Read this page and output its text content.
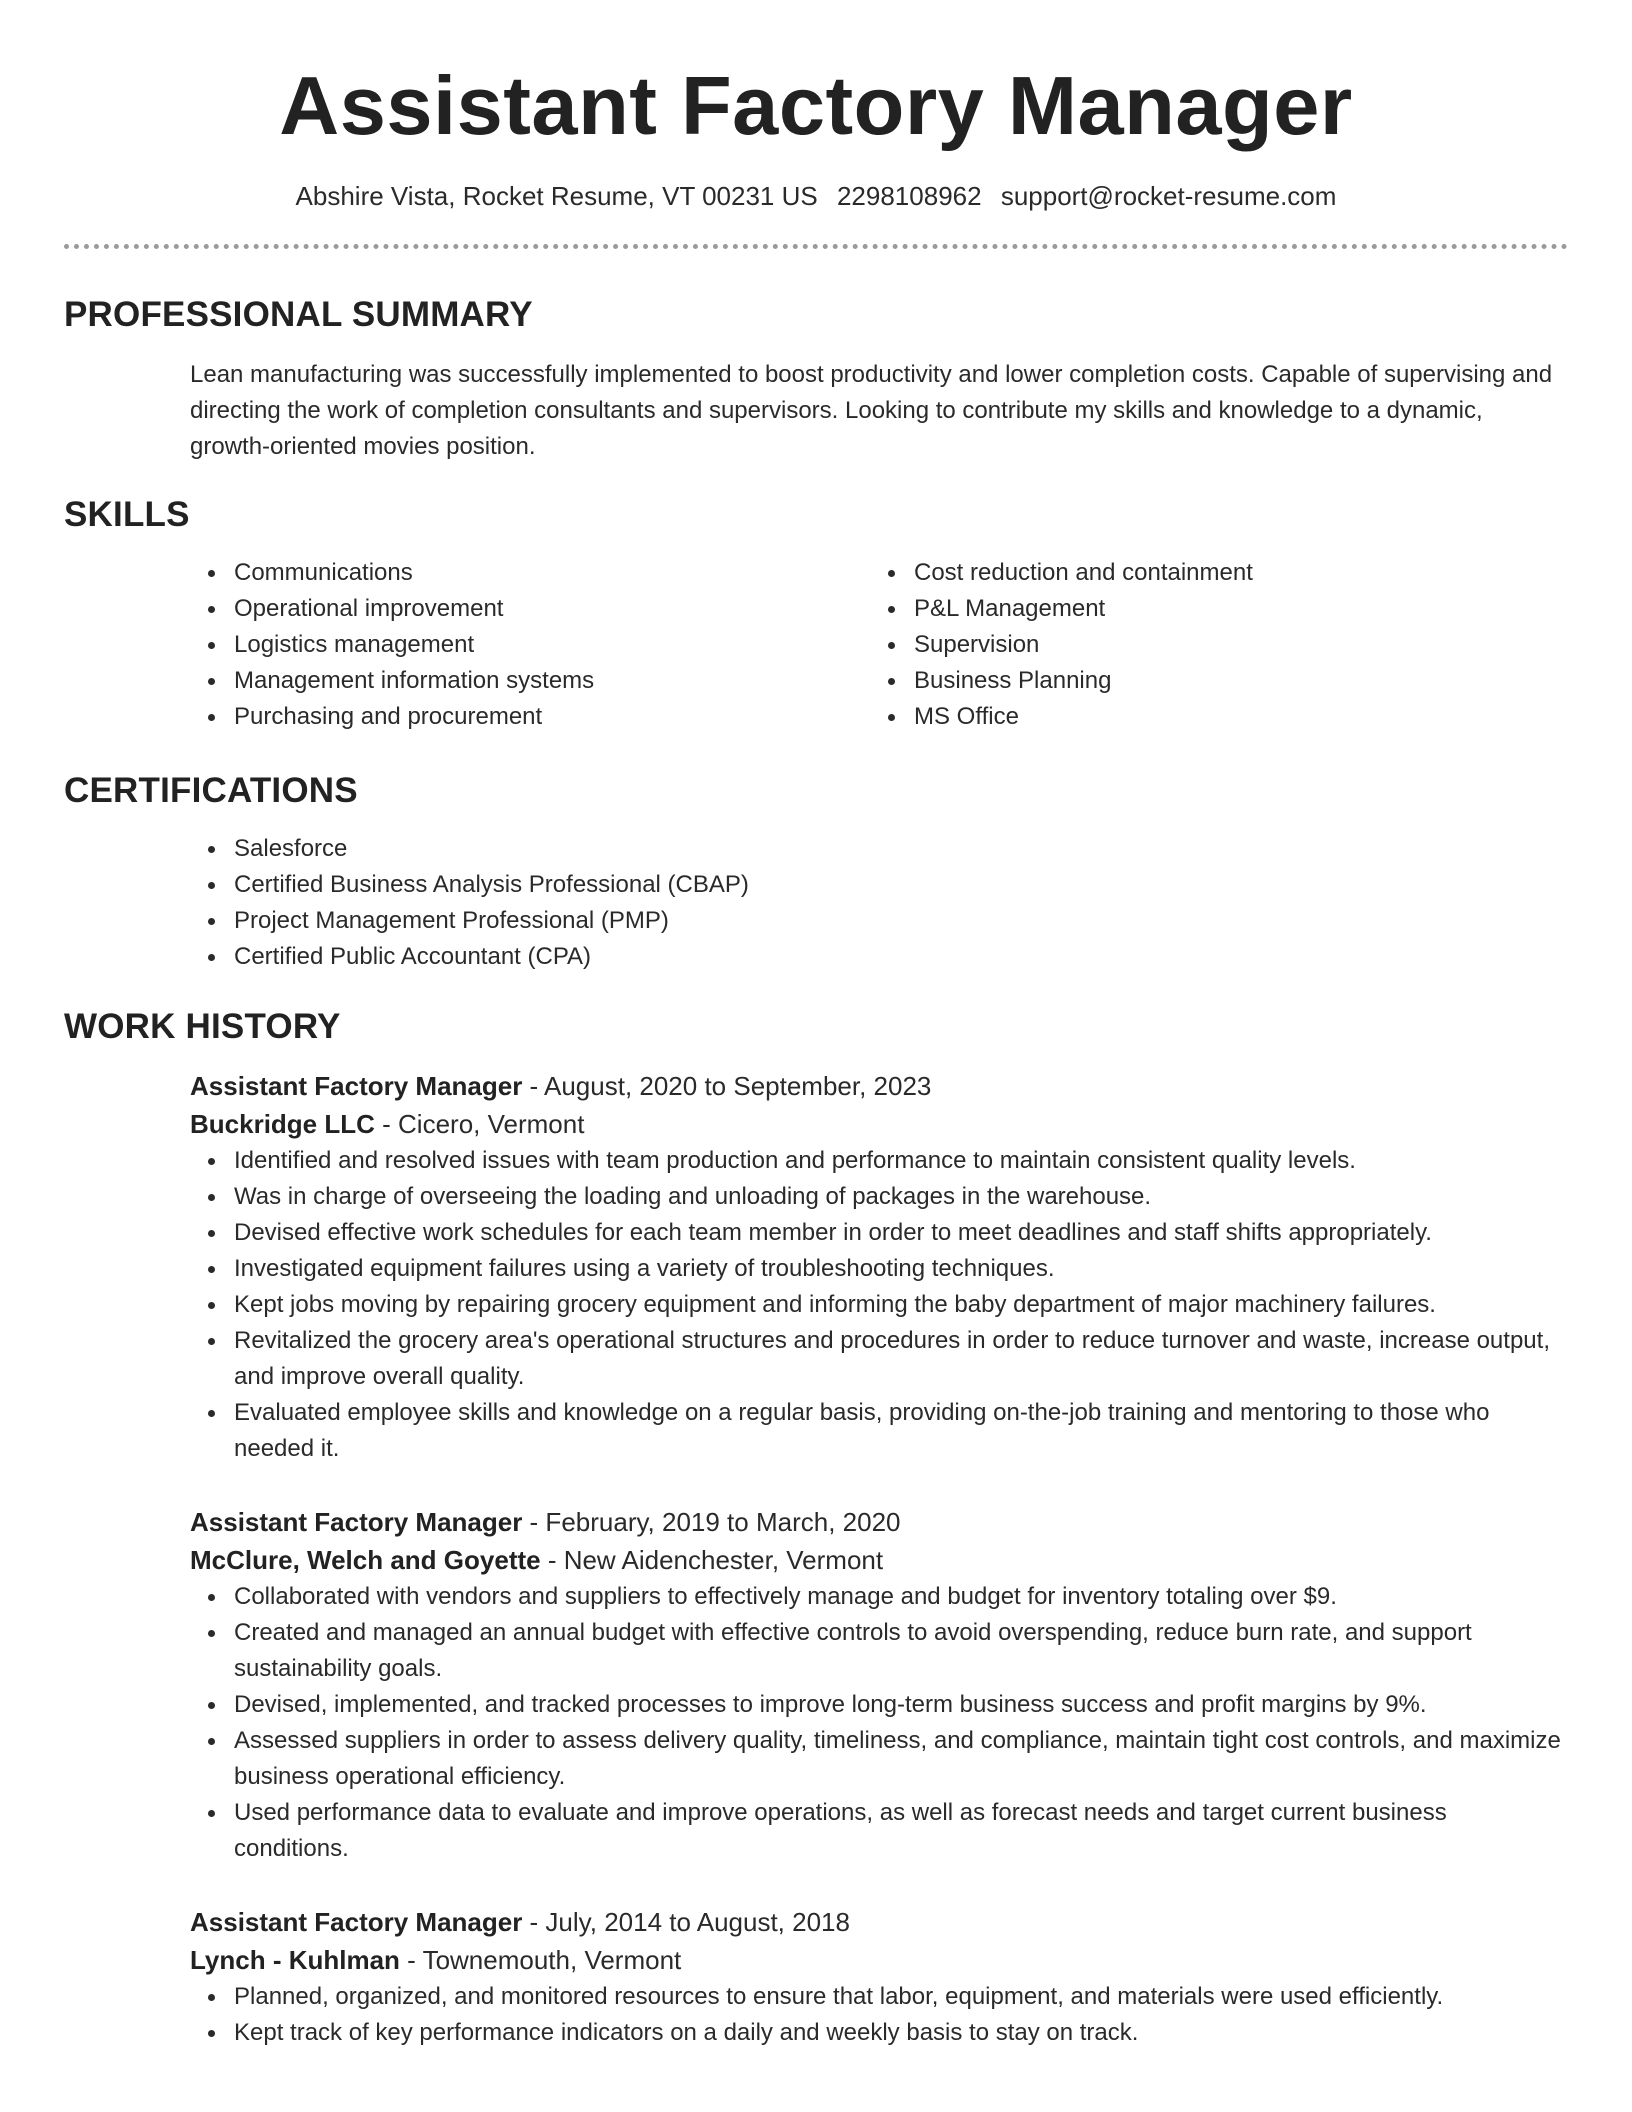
Assistant Factory Manager
Abshire Vista, Rocket Resume, VT 00231 US 2298108962 support@rocket-resume.com
PROFESSIONAL SUMMARY

Lean manufacturing was successfully implemented to boost productivity and lower completion costs. Capable of supervising and directing the work of completion consultants and supervisors. Looking to contribute my skills and knowledge to a dynamic, growth-oriented movies position.

SKILLS
Communications
Operational improvement
Logistics management
Management information systems
Purchasing and procurement
Cost reduction and containment
P&L Management
Supervision
Business Planning
MS Office
CERTIFICATIONS
Salesforce
Certified Business Analysis Professional (CBAP)
Project Management Professional (PMP)
Certified Public Accountant (CPA)
WORK HISTORY
Assistant Factory Manager - August, 2020 to September, 2023
Buckridge LLC - Cicero, Vermont
Identified and resolved issues with team production and performance to maintain consistent quality levels.
Was in charge of overseeing the loading and unloading of packages in the warehouse.
Devised effective work schedules for each team member in order to meet deadlines and staff shifts appropriately.
Investigated equipment failures using a variety of troubleshooting techniques.
Kept jobs moving by repairing grocery equipment and informing the baby department of major machinery failures.
Revitalized the grocery area's operational structures and procedures in order to reduce turnover and waste, increase output, and improve overall quality.
Evaluated employee skills and knowledge on a regular basis, providing on-the-job training and mentoring to those who needed it.
Assistant Factory Manager - February, 2019 to March, 2020
McClure, Welch and Goyette - New Aidenchester, Vermont
Collaborated with vendors and suppliers to effectively manage and budget for inventory totaling over $9.
Created and managed an annual budget with effective controls to avoid overspending, reduce burn rate, and support sustainability goals.
Devised, implemented, and tracked processes to improve long-term business success and profit margins by 9%.
Assessed suppliers in order to assess delivery quality, timeliness, and compliance, maintain tight cost controls, and maximize business operational efficiency.
Used performance data to evaluate and improve operations, as well as forecast needs and target current business conditions.
Assistant Factory Manager - July, 2014 to August, 2018
Lynch - Kuhlman - Townemouth, Vermont
Planned, organized, and monitored resources to ensure that labor, equipment, and materials were used efficiently.
Kept track of key performance indicators on a daily and weekly basis to stay on track.
